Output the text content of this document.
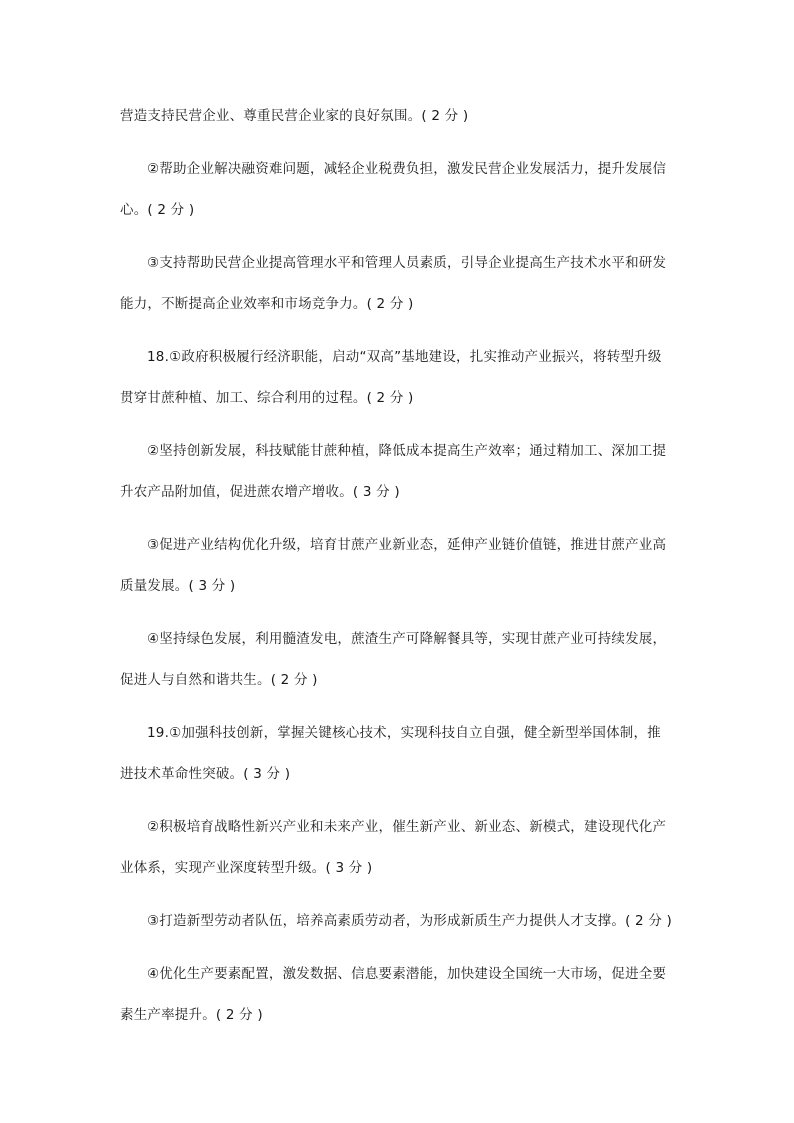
营造支持民营企业、尊重民营企业家的良好氛围。( 2 分 )
②帮助企业解决融资难问题，减轻企业税费负担，激发民营企业发展活力，提升发展信
心。( 2 分 )
③支持帮助民营企业提高管理水平和管理人员素质，引导企业提高生产技术水平和研发
能力，不断提高企业效率和市场竞争力。( 2 分 )
18.①政府积极履行经济职能，启动“双高”基地建设，扎实推动产业振兴，将转型升级
贯穿甘蔗种植、加工、综合利用的过程。( 2 分 )
②坚持创新发展，科技赋能甘蔗种植，降低成本提高生产效率；通过精加工、深加工提
升农产品附加值，促进蔗农增产增收。( 3 分 )
③促进产业结构优化升级，培育甘蔗产业新业态，延伸产业链价值链，推进甘蔗产业高
质量发展。( 3 分 )
④坚持绿色发展，利用髓渣发电，蔗渣生产可降解餐具等，实现甘蔗产业可持续发展，
促进人与自然和谐共生。( 2 分 )
19.①加强科技创新，掌握关键核心技术，实现科技自立自强，健全新型举国体制，推
进技术革命性突破。( 3 分 )
②积极培育战略性新兴产业和未来产业，催生新产业、新业态、新模式，建设现代化产
业体系，实现产业深度转型升级。( 3 分 )
③打造新型劳动者队伍，培养高素质劳动者，为形成新质生产力提供人才支撑。( 2 分 )
④优化生产要素配置，激发数据、信息要素潜能，加快建设全国统一大市场，促进全要
素生产率提升。( 2 分 )
